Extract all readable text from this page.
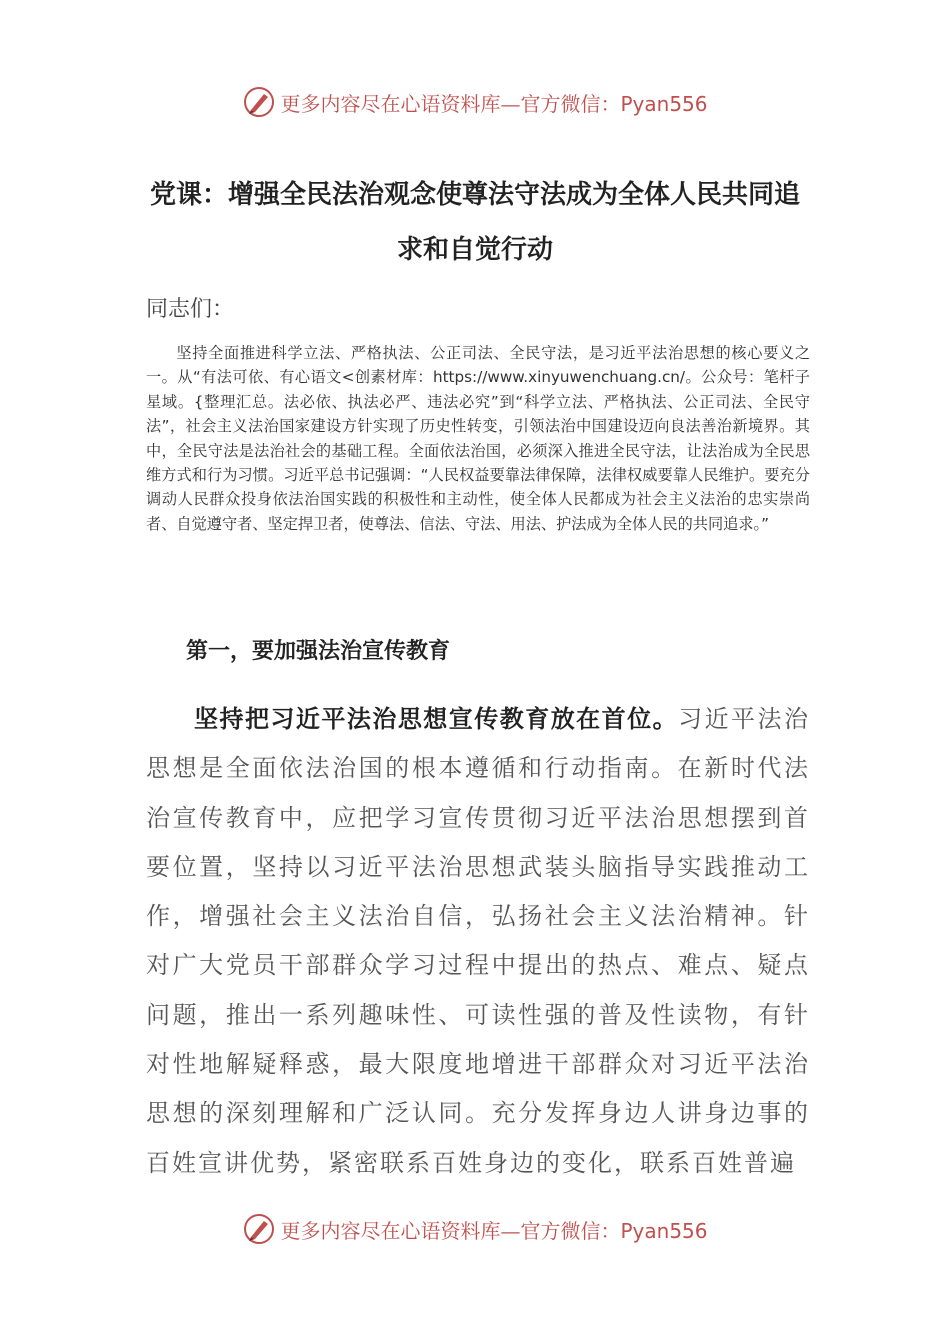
更多内容尽在心语资料库—官方微信：Pyan556
党课：增强全民法治观念使尊法守法成为全体人民共同追求和自觉行动
同志们：
坚持全面推进科学立法、严格执法、公正司法、全民守法，是习近平法治思想的核心要义之一。从“有法可依、有心语文<创素材库：https://www.xinyuwenchuang.cn/。公众号：笔杆子星域。{整理汇总。法必依、执法必严、违法必究”到“科学立法、严格执法、公正司法、全民守法”，社会主义法治国家建设方针实现了历史性转变，引领法治中国建设迈向良法善治新境界。其中，全民守法是法治社会的基础工程。全面依法治国，必须深入推进全民守法，让法治成为全民思维方式和行为习惯。习近平总书记强调：“人民权益要靠法律保障，法律权威要靠人民维护。要充分调动人民群众投身依法治国实践的积极性和主动性，使全体人民都成为社会主义法治的忠实崇尚者、自觉遵守者、坚定捍卫者，使尊法、信法、守法、用法、护法成为全体人民的共同追求。”
第一，要加强法治宣传教育
坚持把习近平法治思想宣传教育放在首位。习近平法治思想是全面依法治国的根本遵循和行动指南。在新时代法治宣传教育中，应把学习宣传贯彻习近平法治思想摆到首要位置，坚持以习近平法治思想武装头脑指导实践推动工作，增强社会主义法治自信，弘扬社会主义法治精神。针对广大党员干部群众学习过程中提出的热点、难点、疑点问题，推出一系列趣味性、可读性强的普及性读物，有针对性地解疑释惑，最大限度地增进干部群众对习近平法治思想的深刻理解和广泛认同。充分发挥身边人讲身边事的百姓宣讲优势，紧密联系百姓身边的变化，联系百姓普遍
更多内容尽在心语资料库—官方微信：Pyan556
